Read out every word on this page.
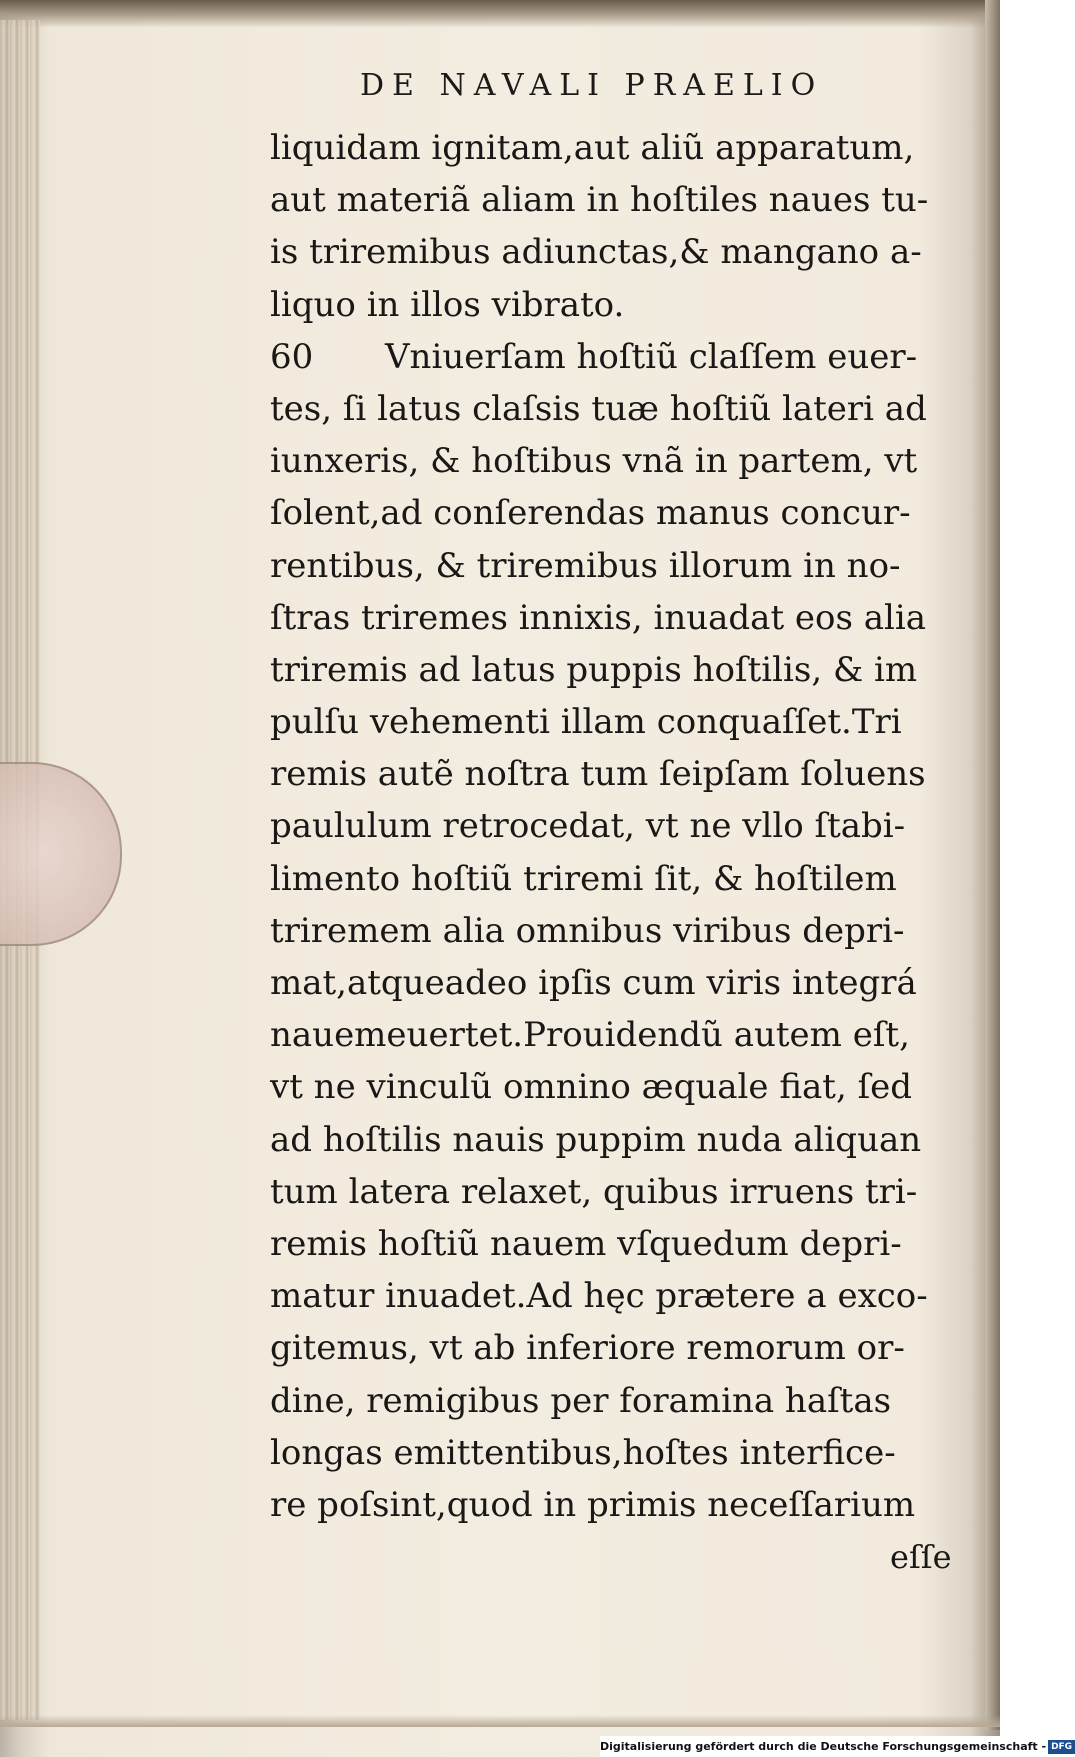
DE NAVALI PRAELIO
liquidam ignitam,aut aliũ apparatum,
aut materiã aliam in hoſtiles naues tu-
is triremibus adiunctas,& mangano a-
liquo in illos vibrato.
60 Vniuerſam hoſtiũ claſſem euer-
tes, ſi latus claſsis tuæ hoſtiũ lateri ad
iunxeris, & hoſtibus vnã in partem, vt
ſolent,ad conſerendas manus concur-
rentibus, & triremibus illorum in no-
ſtras triremes innixis, inuadat eos alia
triremis ad latus puppis hoſtilis, & im
pulſu vehementi illam conquaſſet.Tri
remis autẽ noſtra tum ſeipſam ſoluens
paululum retrocedat, vt ne vllo ſtabi-
limento hoſtiũ triremi ſit, & hoſtilem
triremem alia omnibus viribus depri-
mat,atqueadeo ipſis cum viris integrá
nauemeuertet.Prouidendũ autem eſt,
vt ne vinculũ omnino æquale fiat, ſed
ad hoſtilis nauis puppim nuda aliquan
tum latera relaxet, quibus irruens tri-
remis hoſtiũ nauem vſquedum depri-
matur inuadet.Ad hęc prætere a exco-
gitemus, vt ab inferiore remorum or-
dine, remigibus per foramina haſtas
longas emittentibus,hoſtes interfice-
re poſsint,quod in primis neceſſarium
eſſe
Digitalisierung gefördert durch die Deutsche Forschungsgemeinschaft - DFG
